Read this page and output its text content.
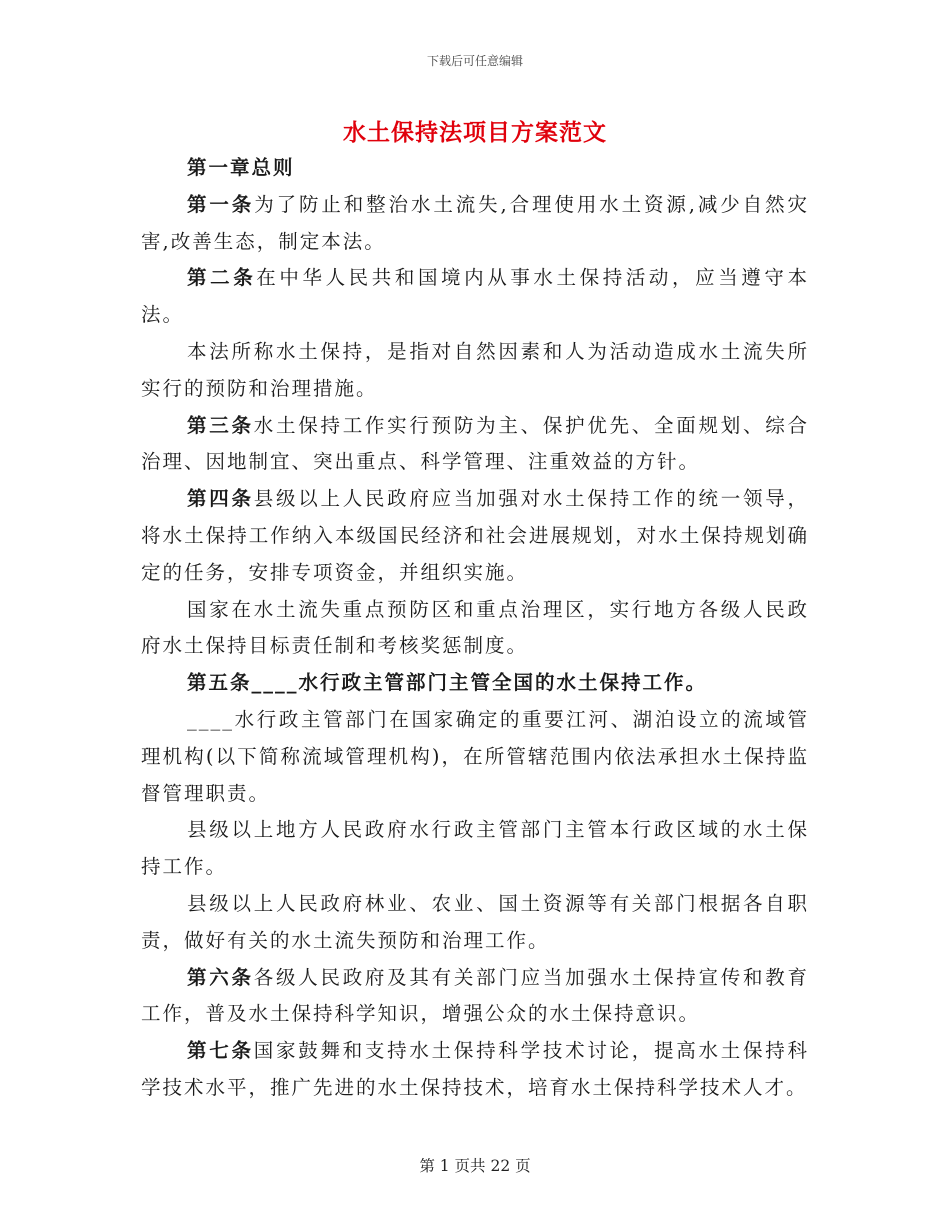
下载后可任意编辑
水土保持法项目方案范文

第一章总则

第一条为了防止和整治水土流失,合理使用水土资源,减少自然灾害,改善生态，制定本法。

第二条在中华人民共和国境内从事水土保持活动，应当遵守本法。

本法所称水土保持，是指对自然因素和人为活动造成水土流失所实行的预防和治理措施。

第三条水土保持工作实行预防为主、保护优先、全面规划、综合治理、因地制宜、突出重点、科学管理、注重效益的方针。

第四条县级以上人民政府应当加强对水土保持工作的统一领导，将水土保持工作纳入本级国民经济和社会进展规划，对水土保持规划确定的任务，安排专项资金，并组织实施。

国家在水土流失重点预防区和重点治理区，实行地方各级人民政府水土保持目标责任制和考核奖惩制度。

第五条____水行政主管部门主管全国的水土保持工作。

____水行政主管部门在国家确定的重要江河、湖泊设立的流域管理机构(以下简称流域管理机构)，在所管辖范围内依法承担水土保持监督管理职责。

县级以上地方人民政府水行政主管部门主管本行政区域的水土保持工作。

县级以上人民政府林业、农业、国土资源等有关部门根据各自职责，做好有关的水土流失预防和治理工作。

第六条各级人民政府及其有关部门应当加强水土保持宣传和教育工作，普及水土保持科学知识，增强公众的水土保持意识。

第七条国家鼓舞和支持水土保持科学技术讨论，提高水土保持科学技术水平，推广先进的水土保持技术，培育水土保持科学技术人才。

第 1 页共 22 页
